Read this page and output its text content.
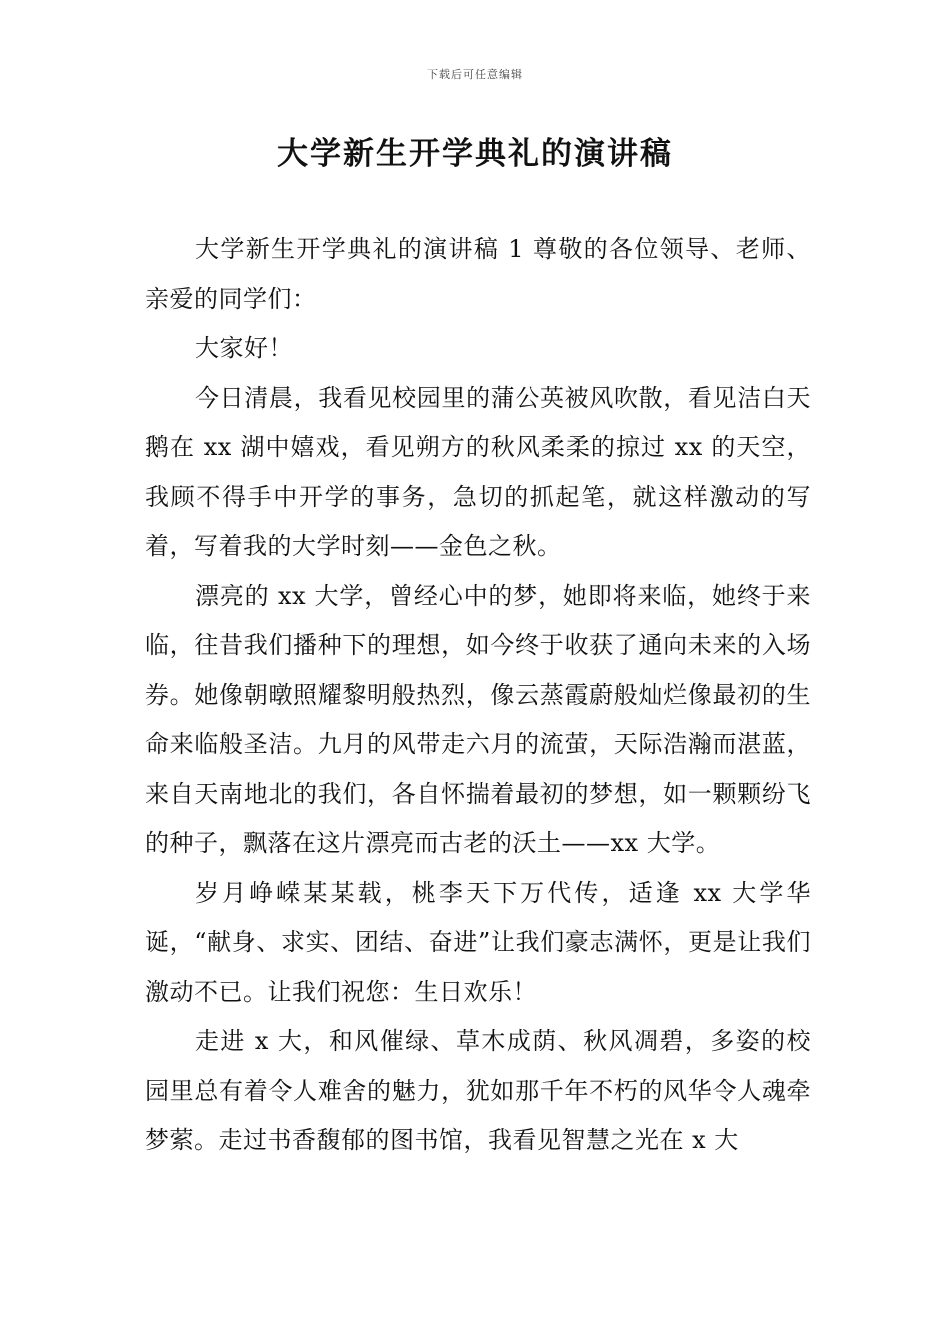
下载后可任意编辑
大学新生开学典礼的演讲稿

大学新生开学典礼的演讲稿 1 尊敬的各位领导、老师、亲爱的同学们：

大家好！

今日清晨，我看见校园里的蒲公英被风吹散，看见洁白天鹅在 xx 湖中嬉戏，看见朔方的秋风柔柔的掠过 xx 的天空，我顾不得手中开学的事务，急切的抓起笔，就这样激动的写着，写着我的大学时刻——金色之秋。

漂亮的 xx 大学，曾经心中的梦，她即将来临，她终于来临，往昔我们播种下的理想，如今终于收获了通向未来的入场券。她像朝暾照耀黎明般热烈，像云蒸霞蔚般灿烂像最初的生命来临般圣洁。九月的风带走六月的流萤，天际浩瀚而湛蓝，来自天南地北的我们，各自怀揣着最初的梦想，如一颗颗纷飞的种子，飘落在这片漂亮而古老的沃土——xx 大学。

岁月峥嵘某某载，桃李天下万代传，适逢 xx 大学华诞，“献身、求实、团结、奋进”让我们豪志满怀，更是让我们激动不已。让我们祝您：生日欢乐！

走进 x 大，和风催绿、草木成荫、秋风凋碧，多姿的校园里总有着令人难舍的魅力，犹如那千年不朽的风华令人魂牵梦萦。走过书香馥郁的图书馆，我看见智慧之光在 x 大
